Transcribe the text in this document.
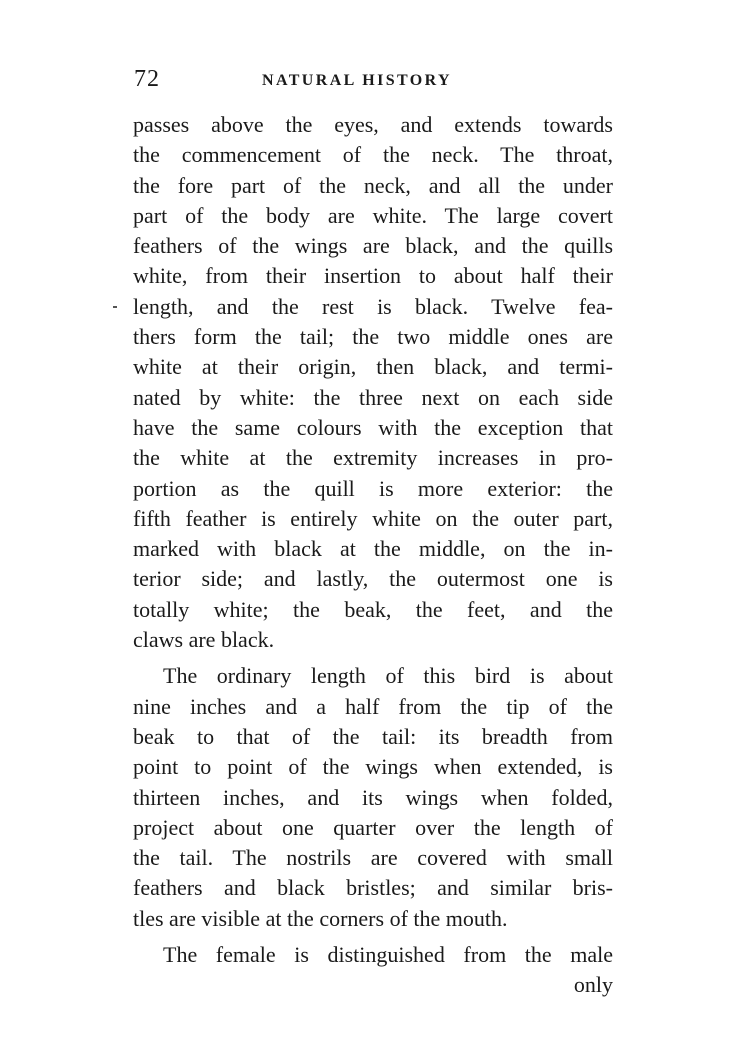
72	NATURAL HISTORY
passes above the eyes, and extends towards
the commencement of the neck. The throat,
the fore part of the neck, and all the under
part of the body are white. The large covert
feathers of the wings are black, and the quills
white, from their insertion to about half their
length, and the rest is black. Twelve fea-
thers form the tail; the two middle ones are
white at their origin, then black, and termi-
nated by white: the three next on each side
have the same colours with the exception that
the white at the extremity increases in pro-
portion as the quill is more exterior: the
fifth feather is entirely white on the outer part,
marked with black at the middle, on the in-
terior side; and lastly, the outermost one is
totally white; the beak, the feet, and the
claws are black.
The ordinary length of this bird is about
nine inches and a half from the tip of the
beak to that of the tail: its breadth from
point to point of the wings when extended, is
thirteen inches, and its wings when folded,
project about one quarter over the length of
the tail. The nostrils are covered with small
feathers and black bristles; and similar bris-
tles are visible at the corners of the mouth.
The female is distinguished from the male
only
